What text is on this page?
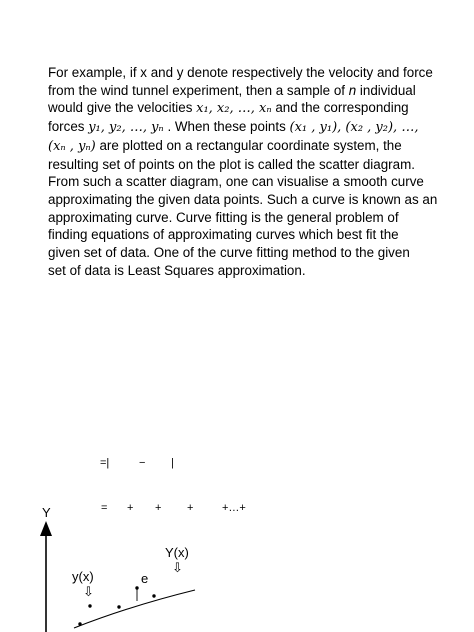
For example, if x and y denote respectively the velocity and force
from the wind tunnel experiment, then a sample of n individual
would give the velocities x₁, x₂, …, xₙ and the corresponding
forces y₁, y₂, …, yₙ . When these points (x₁ , y₁), (x₂ , y₂), …,
(xₙ , yₙ) are plotted on a rectangular coordinate system, the
resulting set of points on the plot is called the scatter diagram.
From such a scatter diagram, one can visualise a smooth curve
approximating the given data points. Such a curve is known as an
approximating curve. Curve fitting is the general problem of
finding equations of approximating curves which best fit the
given set of data. One of the curve fitting method to the given
set of data is Least Squares approximation.
=|	− |
= + + +	+…+
Y
y(x)
⇩
Y(x)
⇩
e
